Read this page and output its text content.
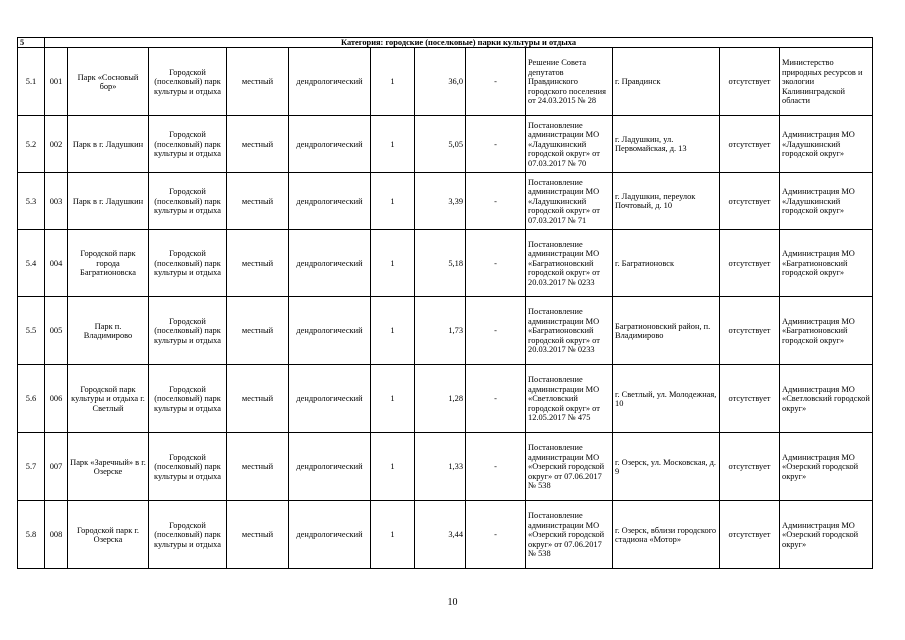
5	Категория: городские (поселковые) парки культуры и отдыха											
5.1	001	Парк «Сосновый бор»	Городской (поселковый) парк культуры и отдыха	местный	дендрологический	1	36,0	-	Решение Совета депутатов Правдинского городского поселения от 24.03.2015 № 28	г. Правдинск	отсутствует	Министерство природных ресурсов и экологии Калининградской области
5.2	002	Парк в г. Ладушкин	Городской (поселковый) парк культуры и отдыха	местный	дендрологический	1	5,05	-	Постановление администрации МО «Ладушкинский городской округ» от 07.03.2017 № 70	г. Ладушкин, ул. Первомайская, д. 13	отсутствует	Администрация МО «Ладушкинский городской округ»
5.3	003	Парк в г. Ладушкин	Городской (поселковый) парк культуры и отдыха	местный	дендрологический	1	3,39	-	Постановление администрации МО «Ладушкинский городской округ» от 07.03.2017 № 71	г. Ладушкин, переулок Почтовый, д. 10	отсутствует	Администрация МО «Ладушкинский городской округ»
5.4	004	Городской парк города Багратионовска	Городской (поселковый) парк культуры и отдыха	местный	дендрологический	1	5,18	-	Постановление администрации МО «Багратионовский городской округ» от 20.03.2017 № 0233	г. Багратионовск	отсутствует	Администрация МО «Багратионовский городской округ»
5.5	005	Парк п. Владимирово	Городской (поселковый) парк культуры и отдыха	местный	дендрологический	1	1,73	-	Постановление администрации МО «Багратионовский городской округ» от 20.03.2017 № 0233	Багратионовский район, п. Владимирово	отсутствует	Администрация МО «Багратионовский городской округ»
5.6	006	Городской парк культуры и отдыха г. Светлый	Городской (поселковый) парк культуры и отдыха	местный	дендрологический	1	1,28	-	Постановление администрации МО «Светловский городской округ» от 12.05.2017 № 475	г. Светлый, ул. Молодежная, 10	отсутствует	Администрация МО «Светловский городской округ»
5.7	007	Парк «Заречный» в г. Озерске	Городской (поселковый) парк культуры и отдыха	местный	дендрологический	1	1,33	-	Постановление администрации МО «Озерский городской округ» от 07.06.2017 № 538	г. Озерск, ул. Московская, д. 9	отсутствует	Администрация МО «Озерский городской округ»
5.8	008	Городской парк г. Озерска	Городской (поселковый) парк культуры и отдыха	местный	дендрологический	1	3,44	-	Постановление администрации МО «Озерский городской округ» от 07.06.2017 № 538	г. Озерск, вблизи городского стадиона «Мотор»	отсутствует	Администрация МО «Озерский городской округ»
10
